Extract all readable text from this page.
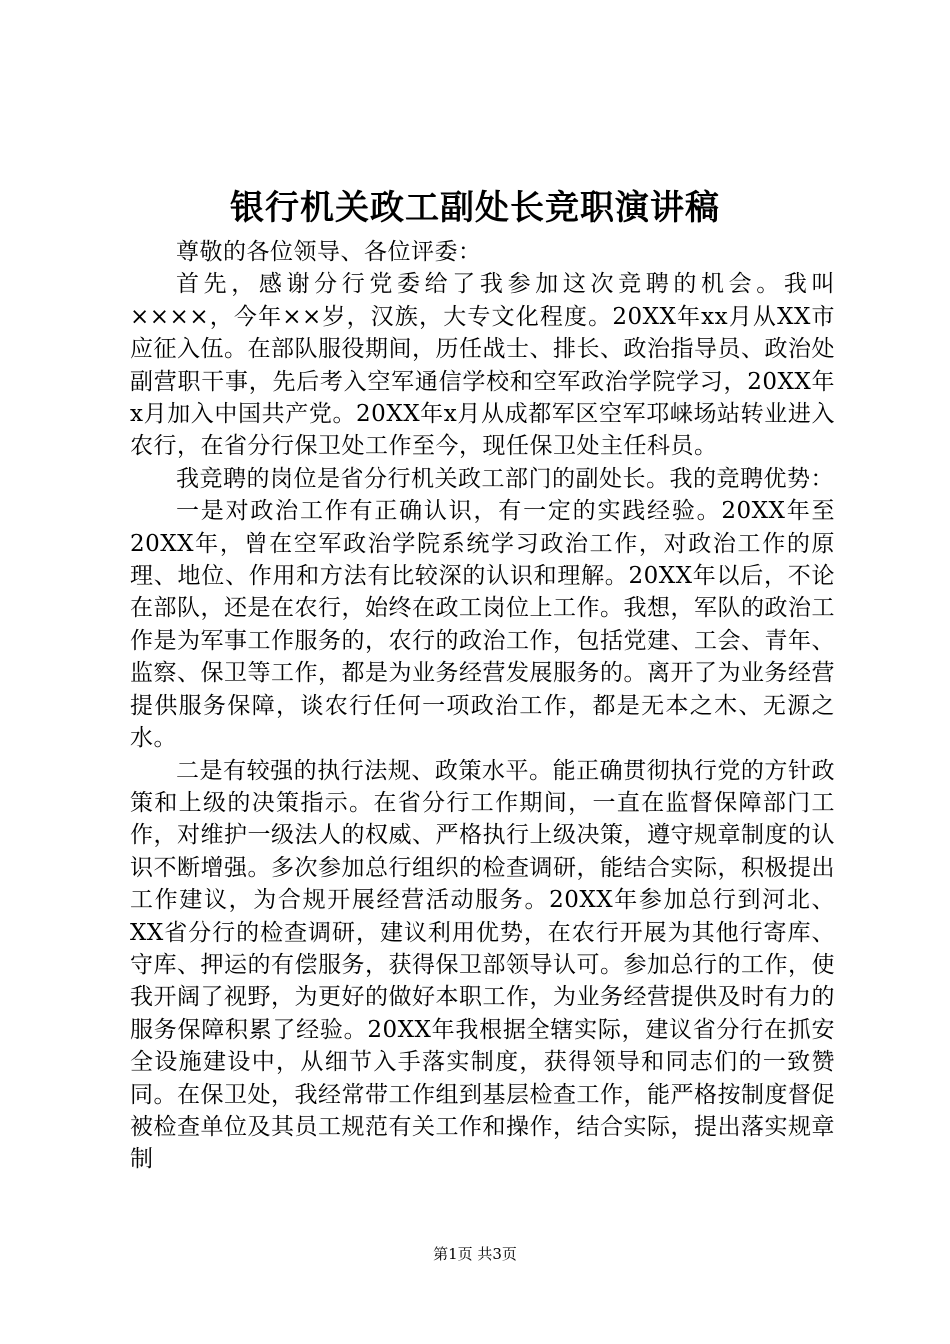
银行机关政工副处长竞职演讲稿

尊敬的各位领导、各位评委：

首先，感谢分行党委给了我参加这次竞聘的机会。我叫××××，今年××岁，汉族，大专文化程度。20XX年xx月从XX市应征入伍。在部队服役期间，历任战士、排长、政治指导员、政治处副营职干事，先后考入空军通信学校和空军政治学院学习，20XX年x月加入中国共产党。20XX年x月从成都军区空军邛崃场站转业进入农行，在省分行保卫处工作至今，现任保卫处主任科员。

我竞聘的岗位是省分行机关政工部门的副处长。我的竞聘优势：

一是对政治工作有正确认识，有一定的实践经验。20XX年至20XX年，曾在空军政治学院系统学习政治工作，对政治工作的原理、地位、作用和方法有比较深的认识和理解。20XX年以后，不论在部队，还是在农行，始终在政工岗位上工作。我想，军队的政治工作是为军事工作服务的，农行的政治工作，包括党建、工会、青年、监察、保卫等工作，都是为业务经营发展服务的。离开了为业务经营提供服务保障，谈农行任何一项政治工作，都是无本之木、无源之水。

二是有较强的执行法规、政策水平。能正确贯彻执行党的方针政策和上级的决策指示。在省分行工作期间，一直在监督保障部门工作，对维护一级法人的权威、严格执行上级决策，遵守规章制度的认识不断增强。多次参加总行组织的检查调研，能结合实际，积极提出工作建议，为合规开展经营活动服务。20XX年参加总行到河北、XX省分行的检查调研，建议利用优势，在农行开展为其他行寄库、守库、押运的有偿服务，获得保卫部领导认可。参加总行的工作，使我开阔了视野，为更好的做好本职工作，为业务经营提供及时有力的服务保障积累了经验。20XX年我根据全辖实际，建议省分行在抓安全设施建设中，从细节入手落实制度，获得领导和同志们的一致赞同。在保卫处，我经常带工作组到基层检查工作，能严格按制度督促被检查单位及其员工规范有关工作和操作，结合实际，提出落实规章制

第1页 共3页
